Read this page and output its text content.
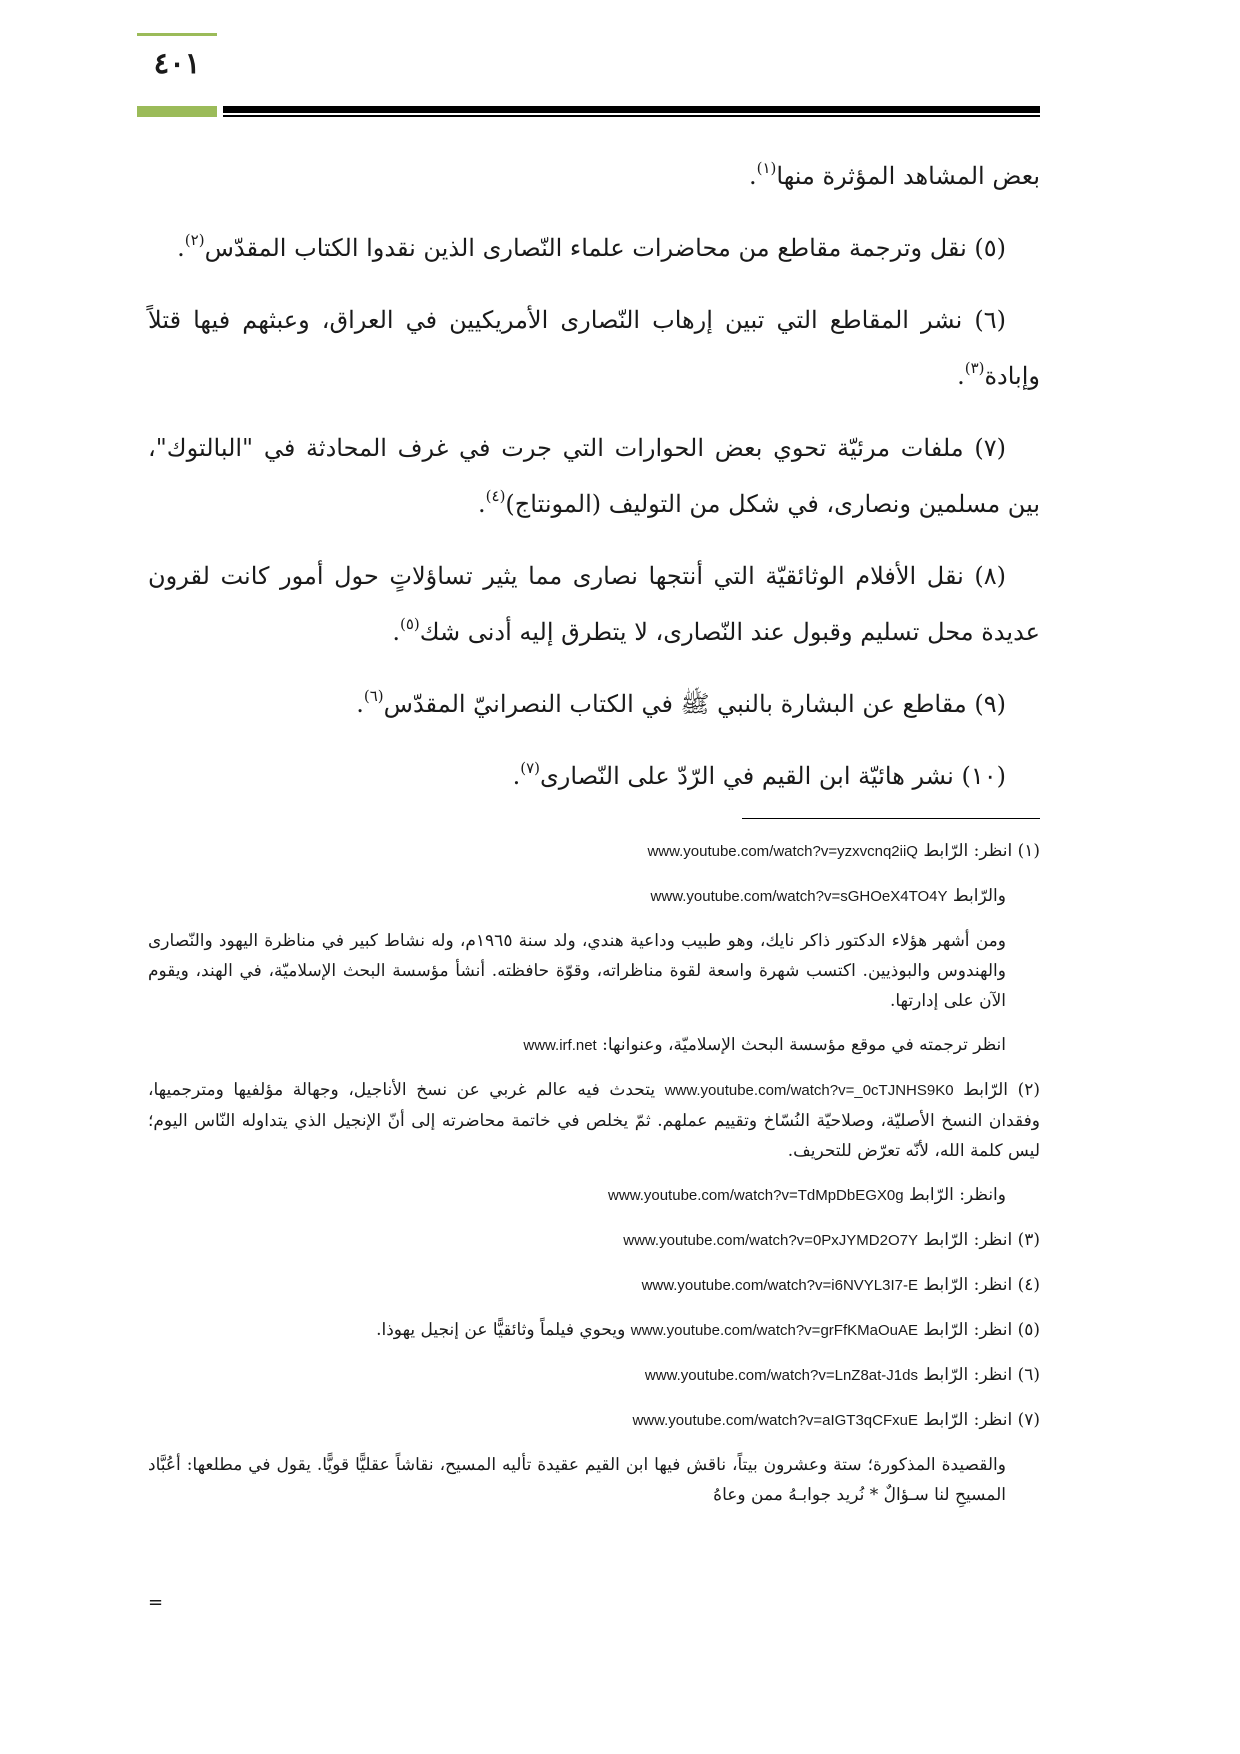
٤٠١

بعض المشاهد المؤثرة منها$^{(١)}$.

(٥) نقل وترجمة مقاطع من محاضرات علماء النّصارى الذين نقدوا الكتاب المقدّس$^{(٢)}$.

(٦) نشر المقاطع التي تبين إرهاب النّصارى الأمريكيين في العراق، وعبثهم فيها قتلاً وإبادة$^{(٣)}$.

(٧) ملفات مرئيّة تحوي بعض الحوارات التي جرت في غرف المحادثة في "البالتوك"، بين مسلمين ونصارى، في شكل من التوليف (المونتاج)$^{(٤)}$.

(٨) نقل الأفلام الوثائقيّة التي أنتجها نصارى مما يثير تساؤلاتٍ حول أمور كانت لقرون عديدة محل تسليم وقبول عند النّصارى، لا يتطرق إليه أدنى شك$^{(٥)}$.

(٩) مقاطع عن البشارة بالنبي ﷺ في الكتاب النصرانيّ المقدّس$^{(٦)}$.

(١٠) نشر هائيّة ابن القيم في الرّدّ على النّصارى$^{(٧)}$.

(١) انظر: الرّابط www.youtube.com/watch?v=yzxvcnq2iiQ

والرّابط www.youtube.com/watch?v=sGHOeX4TO4Y

ومن أشهر هؤلاء الدكتور ذاكر نايك، وهو طبيب وداعية هندي، ولد سنة ١٩٦٥م، وله نشاط كبير في مناظرة اليهود والنّصارى والهندوس والبوذيين. اكتسب شهرة واسعة لقوة مناظراته، وقوّة حافظته. أنشأ مؤسسة البحث الإسلاميّة، في الهند، ويقوم الآن على إدارتها.

انظر ترجمته في موقع مؤسسة البحث الإسلاميّة، وعنوانها: www.irf.net

(٢) الرّابط www.youtube.com/watch?v=_0cTJNHS9K0 يتحدث فيه عالم غربي عن نسخ الأناجيل، وجهالة مؤلفيها ومترجميها، وفقدان النسخ الأصليّة، وصلاحيّة النُسّاخ وتقييم عملهم. ثمّ يخلص في خاتمة محاضرته إلى أنّ الإنجيل الذي يتداوله النّاس اليوم؛ ليس كلمة الله، لأنّه تعرّض للتحريف.

وانظر: الرّابط www.youtube.com/watch?v=TdMpDbEGX0g

(٣) انظر: الرّابط www.youtube.com/watch?v=0PxJYMD2O7Y

(٤) انظر: الرّابط www.youtube.com/watch?v=i6NVYL3I7-E

(٥) انظر: الرّابط www.youtube.com/watch?v=grFfKMaOuAE ويحوي فيلماً وثائقيًّا عن إنجيل يهوذا.

(٦) انظر: الرّابط www.youtube.com/watch?v=LnZ8at-J1ds

(٧) انظر: الرّابط www.youtube.com/watch?v=aIGT3qCFxuE

والقصيدة المذكورة؛ ستة وعشرون بيتاً، ناقش فيها ابن القيم عقيدة تأليه المسيح، نقاشاً عقليًّا قويًّا. يقول في مطلعها: أعُبَّاد المسيحِ لنا سـؤالٌ * نُريد جوابـهُ ممن وعاهُ

=
